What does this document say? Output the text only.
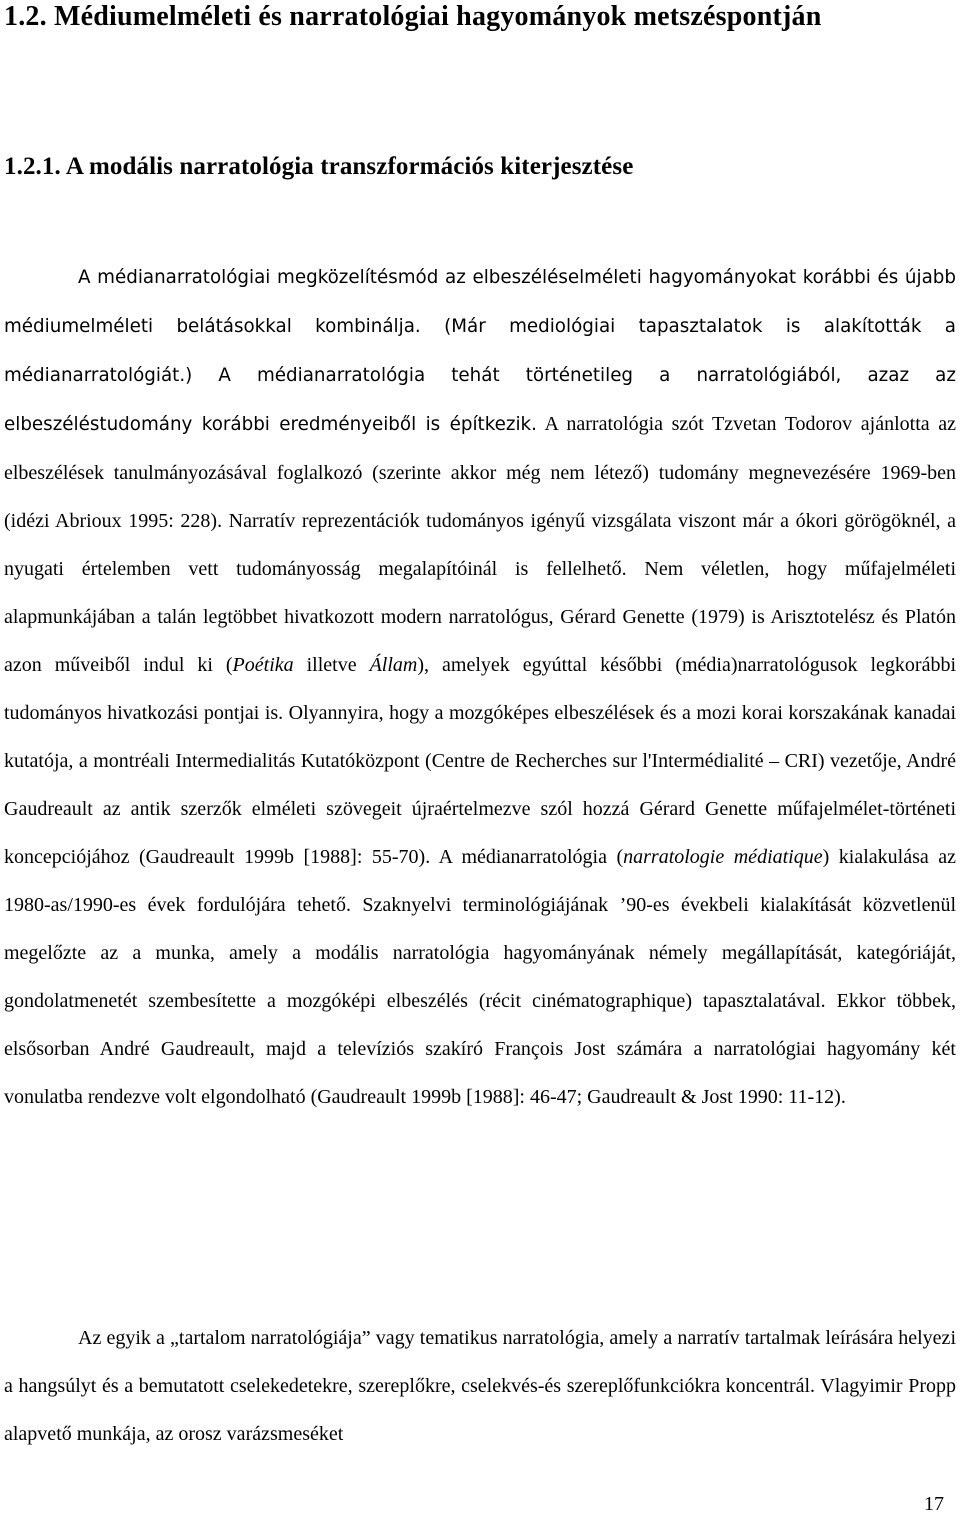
1.2. Médiumelméleti és narratológiai hagyományok metszéspontján
1.2.1. A modális narratológia transzformációs kiterjesztése

A médianarratológiai megközelítésmód az elbeszéléselméleti hagyományokat korábbi és újabb médiumelméleti belátásokkal kombinálja. (Már mediológiai tapasztalatok is alakították a médianarratológiát.) A médianarratológia tehát történetileg a narratológiából, azaz az elbeszéléstudomány korábbi eredményeiből is építkezik. A narratológia szót Tzvetan Todorov ajánlotta az elbeszélések tanulmányozásával foglalkozó (szerinte akkor még nem létező) tudomány megnevezésére 1969-ben (idézi Abrioux 1995: 228). Narratív reprezentációk tudományos igényű vizsgálata viszont már a ókori görögöknél, a nyugati értelemben vett tudományosság megalapítóinál is fellelhető. Nem véletlen, hogy műfajelméleti alapmunkájában a talán legtöbbet hivatkozott modern narratológus, Gérard Genette (1979) is Arisztotelész és Platón azon műveiből indul ki (Poétika illetve Állam), amelyek egyúttal későbbi (média)narratológusok legkorábbi tudományos hivatkozási pontjai is. Olyannyira, hogy a mozgóképes elbeszélések és a mozi korai korszakának kanadai kutatója, a montréali Intermedialitás Kutatóközpont (Centre de Recherches sur l'Intermédialité – CRI) vezetője, André Gaudreault az antik szerzők elméleti szövegeit újraértelmezve szól hozzá Gérard Genette műfajelmélet-történeti koncepciójához (Gaudreault 1999b [1988]: 55-70). A médianarratológia (narratologie médiatique) kialakulása az 1980-as/1990-es évek fordulójára tehető. Szaknyelvi terminológiájának ’90-es évekbeli kialakítását közvetlenül megelőzte az a munka, amely a modális narratológia hagyományának némely megállapítását, kategóriáját, gondolatmenetét szembesítette a mozgóképi elbeszélés (récit cinématographique) tapasztalatával. Ekkor többek, elsősorban André Gaudreault, majd a televíziós szakíró François Jost számára a narratológiai hagyomány két vonulatba rendezve volt elgondolható (Gaudreault 1999b [1988]: 46-47; Gaudreault & Jost 1990: 11-12).

Az egyik a „tartalom narratológiája” vagy tematikus narratológia, amely a narratív tartalmak leírására helyezi a hangsúlyt és a bemutatott cselekedetekre, szereplőkre, cselekvés-és szereplőfunkciókra koncentrál. Vlagyimir Propp alapvető munkája, az orosz varázsmeséket

17
